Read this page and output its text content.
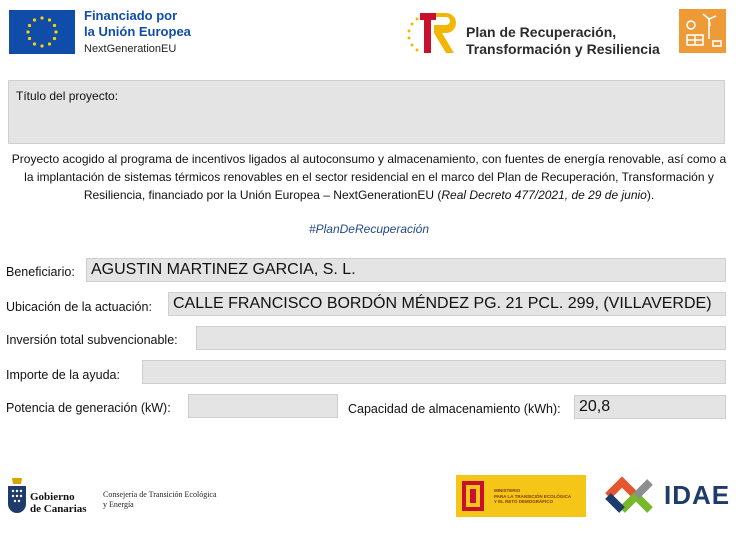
Financiado por
la Unión Europea
NextGenerationEU
Plan de Recuperación,
Transformación y Resiliencia
Título del proyecto:
Proyecto acogido al programa de incentivos ligados al autoconsumo y almacenamiento, con fuentes de energía renovable, así como a la implantación de sistemas térmicos renovables en el sector residencial en el marco del Plan de Recuperación, Transformación y Resiliencia, financiado por la Unión Europea – NextGenerationEU (Real Decreto 477/2021, de 29 de junio).
#PlanDeRecuperación
Beneficiario: AGUSTIN MARTINEZ GARCIA, S. L.
Ubicación de la actuación: CALLE FRANCISCO BORDÓN MÉNDEZ PG. 21 PCL. 299, (VILLAVERDE)
Inversión total subvencionable:
Importe de la ayuda:
Potencia de generación (kW):	Capacidad de almacenamiento (kWh): 20,8
Gobierno
de Canarias
Consejería de Transición Ecológica
y Energía
MINISTERIO
PARA LA TRANSICIÓN ECOLÓGICA
Y EL RETO DEMOGRÁFICO	IDAE
